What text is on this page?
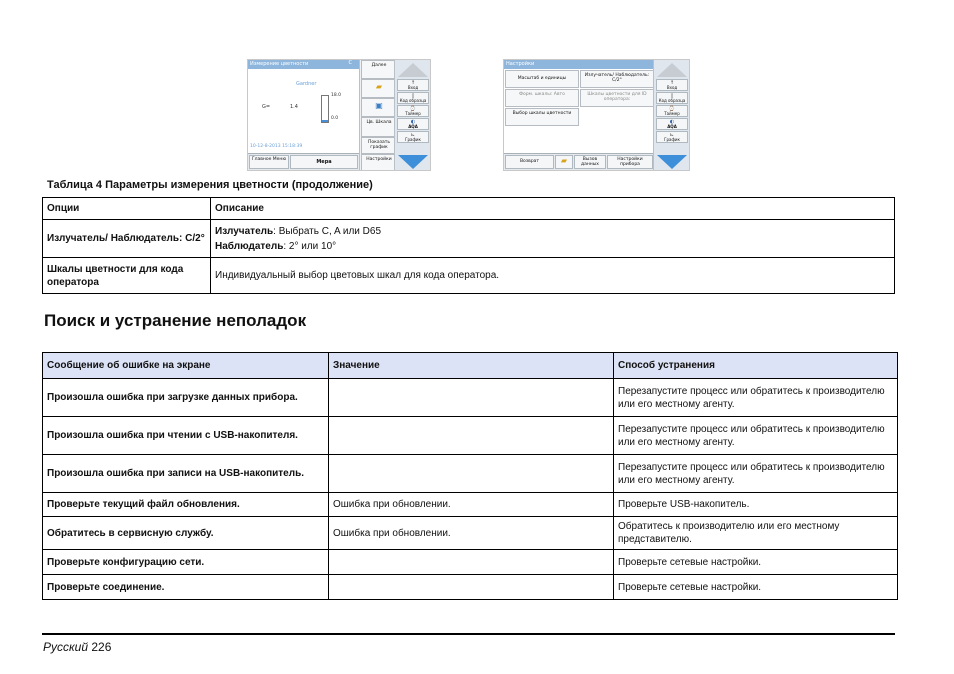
Измерение цветности	C
Gardner
G=	1.4
18.0
0.0
10-12-8-2013 15:18:39
Далее
▰
▣
Цв. Шкала
Показать график
Настройки
Главное Меню	Мера
↑
Вход
▯
Код образца
⌚
Таймер
◐
AQA
⊾
График
Настройки
Масштаб и единицы
Излучатель/ Наблюдатель: C/2°
Форм. шкалы: Авто	Шкалы цветности для ID оператора:
Выбор шкалы цветности
Возврат	▰	Вызов данных
Настройки прибора
↑
Вход
▯
Код образца
⌚
Таймер
◐
AQA
⊾
График
Таблица 4 Параметры измерения цветности (продолжение)
Опции	Описание
Излучатель/ Наблюдатель: C/2°	Излучатель: Выбрать C, A или D65
Наблюдатель: 2° или 10°

Шкалы цветности для кода оператора	Индивидуальный выбор цветовых шкал для кода оператора.
Поиск и устранение неполадок
Сообщение об ошибке на экране	Значение	Способ устранения
Произошла ошибка при загрузке данных прибора.		Перезапустите процесс или обратитесь к производителю или его местному агенту.
Произошла ошибка при чтении с USB-накопителя.		Перезапустите процесс или обратитесь к производителю или его местному агенту.
Произошла ошибка при записи на USB-накопитель.		Перезапустите процесс или обратитесь к производителю или его местному агенту.
Проверьте текущий файл обновления.	Ошибка при обновлении.	Проверьте USB-накопитель.
Обратитесь в сервисную службу.	Ошибка при обновлении.	Обратитесь к производителю или его местному представителю.
Проверьте конфигурацию сети.		Проверьте сетевые настройки.
Проверьте соединение.		Проверьте сетевые настройки.
Русский 226
